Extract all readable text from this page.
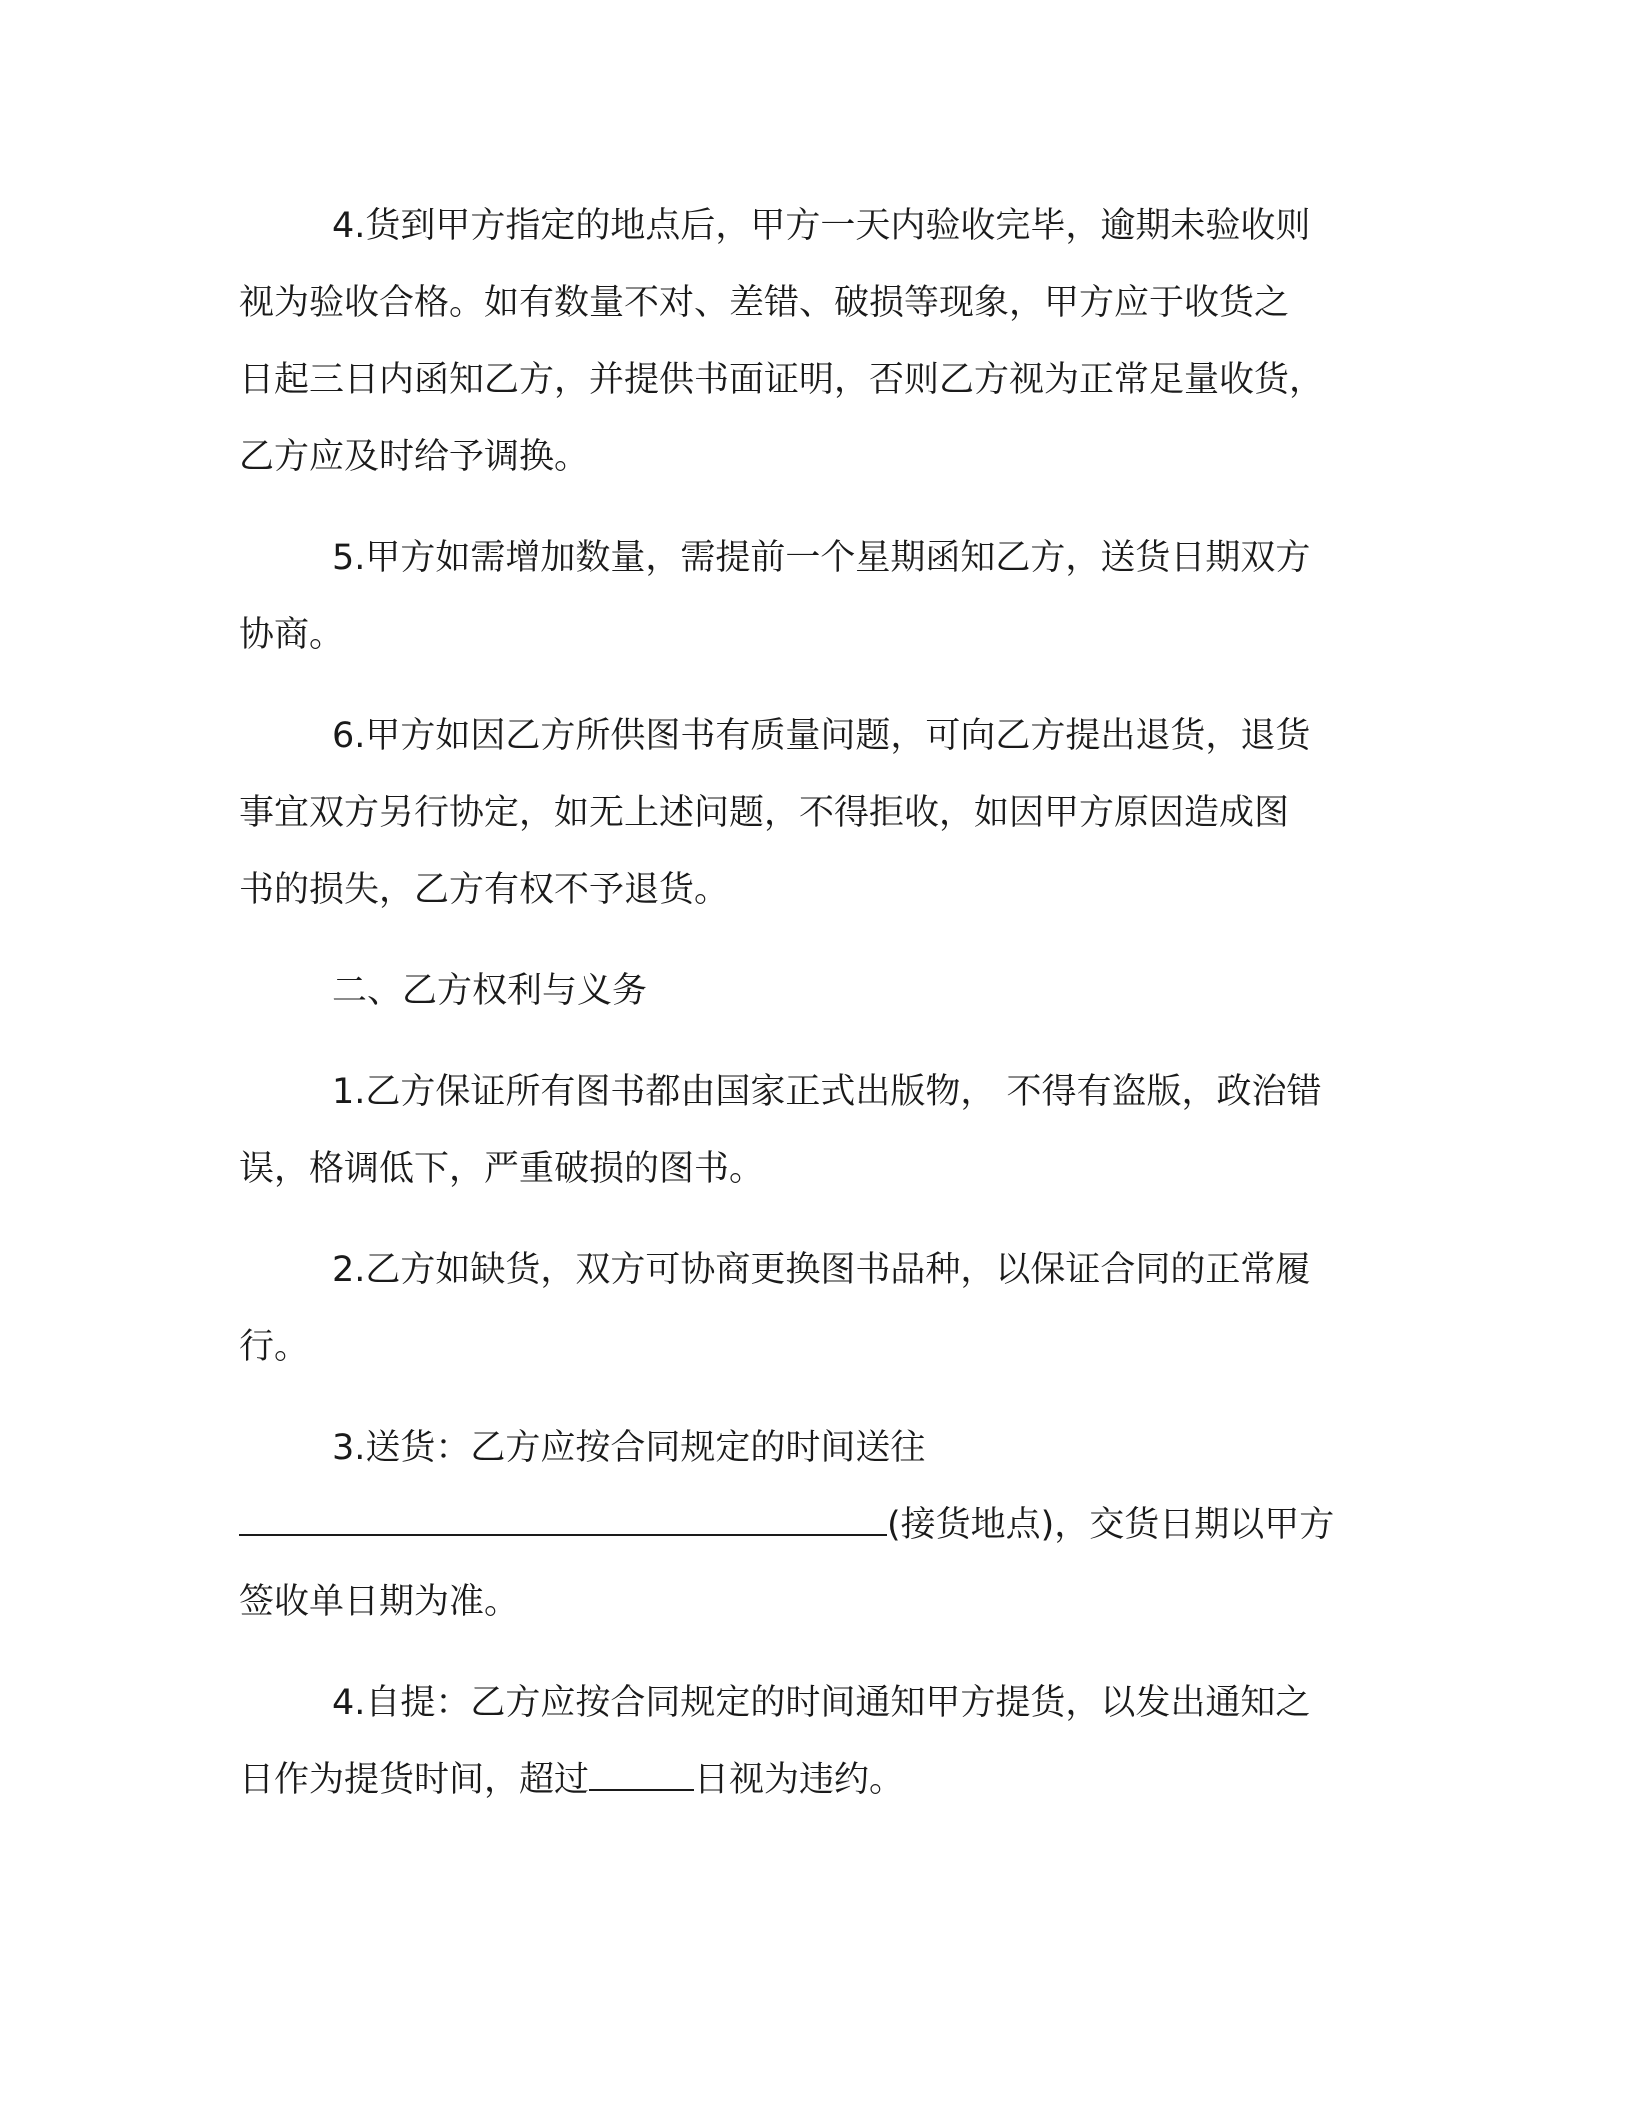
4.货到甲方指定的地点后，甲方一天内验收完毕，逾期未验收则
视为验收合格。如有数量不对、差错、破损等现象，甲方应于收货之
日起三日内函知乙方，并提供书面证明，否则乙方视为正常足量收货，
乙方应及时给予调换。

5.甲方如需增加数量，需提前一个星期函知乙方，送货日期双方
协商。

6.甲方如因乙方所供图书有质量问题，可向乙方提出退货，退货
事宜双方另行协定，如无上述问题，不得拒收，如因甲方原因造成图
书的损失，乙方有权不予退货。

二、乙方权利与义务

1.乙方保证所有图书都由国家正式出版物， 不得有盗版，政治错
误，格调低下，严重破损的图书。

2.乙方如缺货，双方可协商更换图书品种，以保证合同的正常履
行。

3.送货：乙方应按合同规定的时间送往
(接货地点)，交货日期以甲方
签收单日期为准。

4.自提：乙方应按合同规定的时间通知甲方提货，以发出通知之
日作为提货时间，超过	日视为违约。
